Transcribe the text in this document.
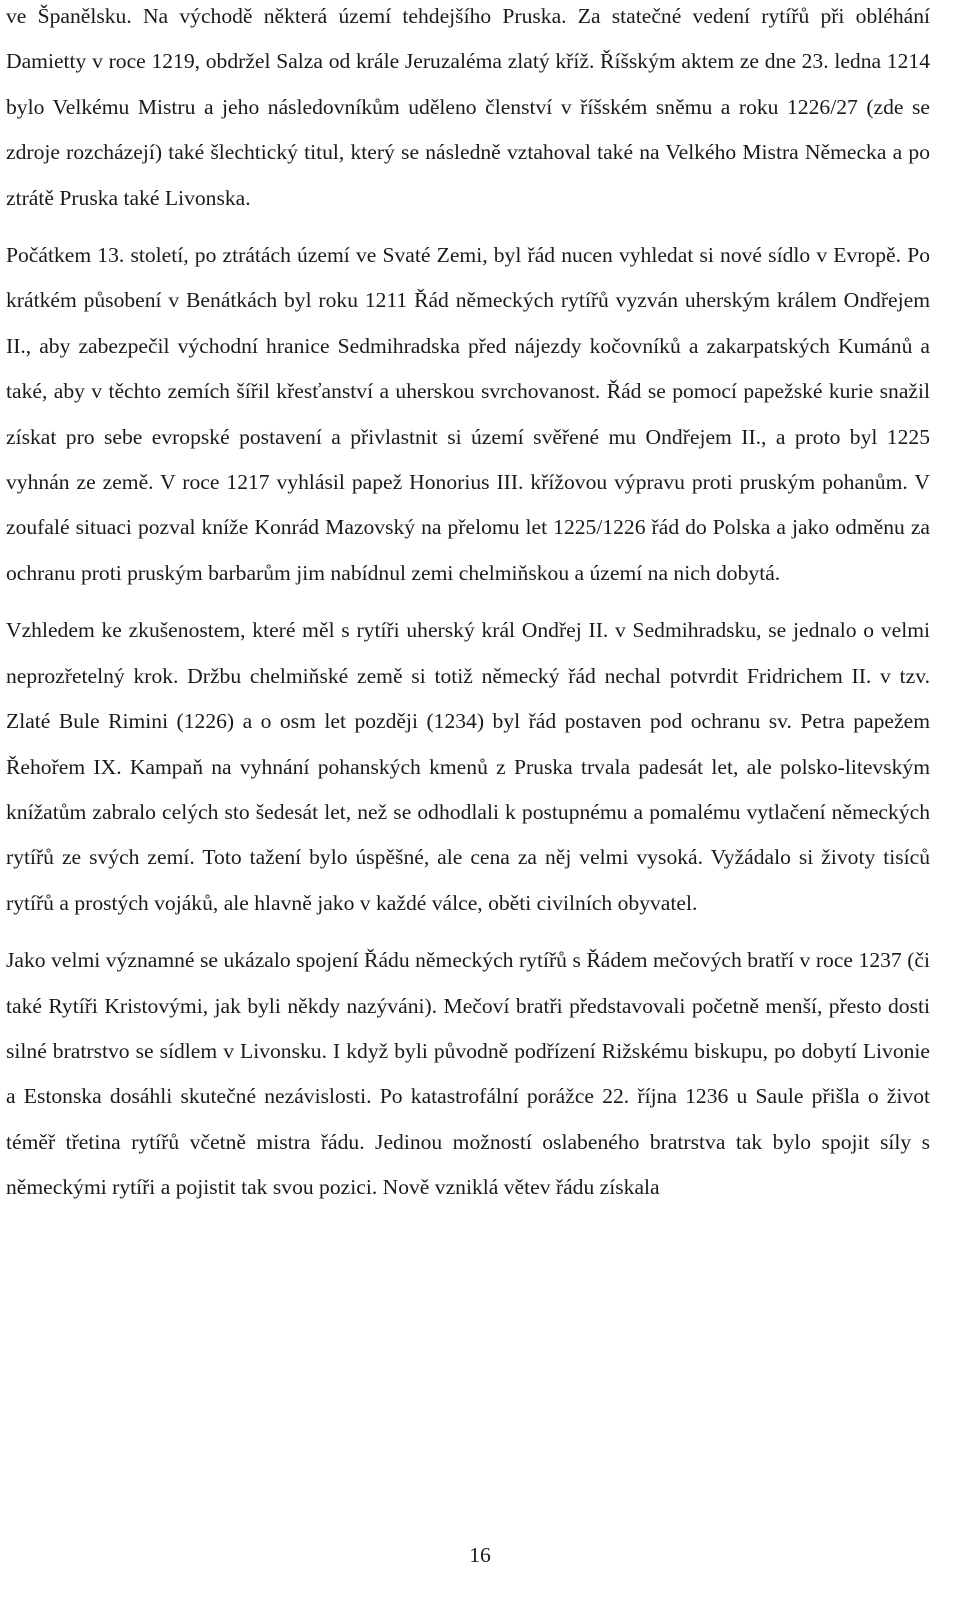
ve Španělsku. Na východě některá území tehdejšího Pruska. Za statečné vedení rytířů při obléhání Damietty v roce 1219, obdržel Salza od krále Jeruzaléma zlatý kříž. Říšským aktem ze dne 23. ledna 1214 bylo Velkému Mistru a jeho následovníkům uděleno členství v říšském sněmu a roku 1226/27 (zde se zdroje rozcházejí) také šlechtický titul, který se následně vztahoval také na Velkého Mistra Německa a po ztrátě Pruska také Livonska.

Počátkem 13. století, po ztrátách území ve Svaté Zemi, byl řád nucen vyhledat si nové sídlo v Evropě. Po krátkém působení v Benátkách byl roku 1211 Řád německých rytířů vyzván uherským králem Ondřejem II., aby zabezpečil východní hranice Sedmihradska před nájezdy kočovníků a zakarpatských Kumánů a také, aby v těchto zemích šířil křesťanství a uherskou svrchovanost. Řád se pomocí papežské kurie snažil získat pro sebe evropské postavení a přivlastnit si území svěřené mu Ondřejem II., a proto byl 1225 vyhnán ze země. V roce 1217 vyhlásil papež Honorius III. křížovou výpravu proti pruským pohanům. V zoufalé situaci pozval kníže Konrád Mazovský na přelomu let 1225/1226 řád do Polska a jako odměnu za ochranu proti pruským barbarům jim nabídnul zemi chelmiňskou a území na nich dobytá.

Vzhledem ke zkušenostem, které měl s rytíři uherský král Ondřej II. v Sedmihradsku, se jednalo o velmi neprozřetelný krok. Držbu chelmiňské země si totiž německý řád nechal potvrdit Fridrichem II. v tzv. Zlaté Bule Rimini (1226) a o osm let později (1234) byl řád postaven pod ochranu sv. Petra papežem Řehořem IX. Kampaň na vyhnání pohanských kmenů z Pruska trvala padesát let, ale polsko-litevským knížatům zabralo celých sto šedesát let, než se odhodlali k postupnému a pomalému vytlačení německých rytířů ze svých zemí. Toto tažení bylo úspěšné, ale cena za něj velmi vysoká. Vyžádalo si životy tisíců rytířů a prostých vojáků, ale hlavně jako v každé válce, oběti civilních obyvatel.

Jako velmi významné se ukázalo spojení Řádu německých rytířů s Řádem mečových bratří v roce 1237 (či také Rytíři Kristovými, jak byli někdy nazýváni). Mečoví bratři představovali početně menší, přesto dosti silné bratrstvo se sídlem v Livonsku. I když byli původně podřízení Rižskému biskupu, po dobytí Livonie a Estonska dosáhli skutečné nezávislosti. Po katastrofální porážce 22. října 1236 u Saule přišla o život téměř třetina rytířů včetně mistra řádu. Jedinou možností oslabeného bratrstva tak bylo spojit síly s německými rytíři a pojistit tak svou pozici. Nově vzniklá větev řádu získala

16
